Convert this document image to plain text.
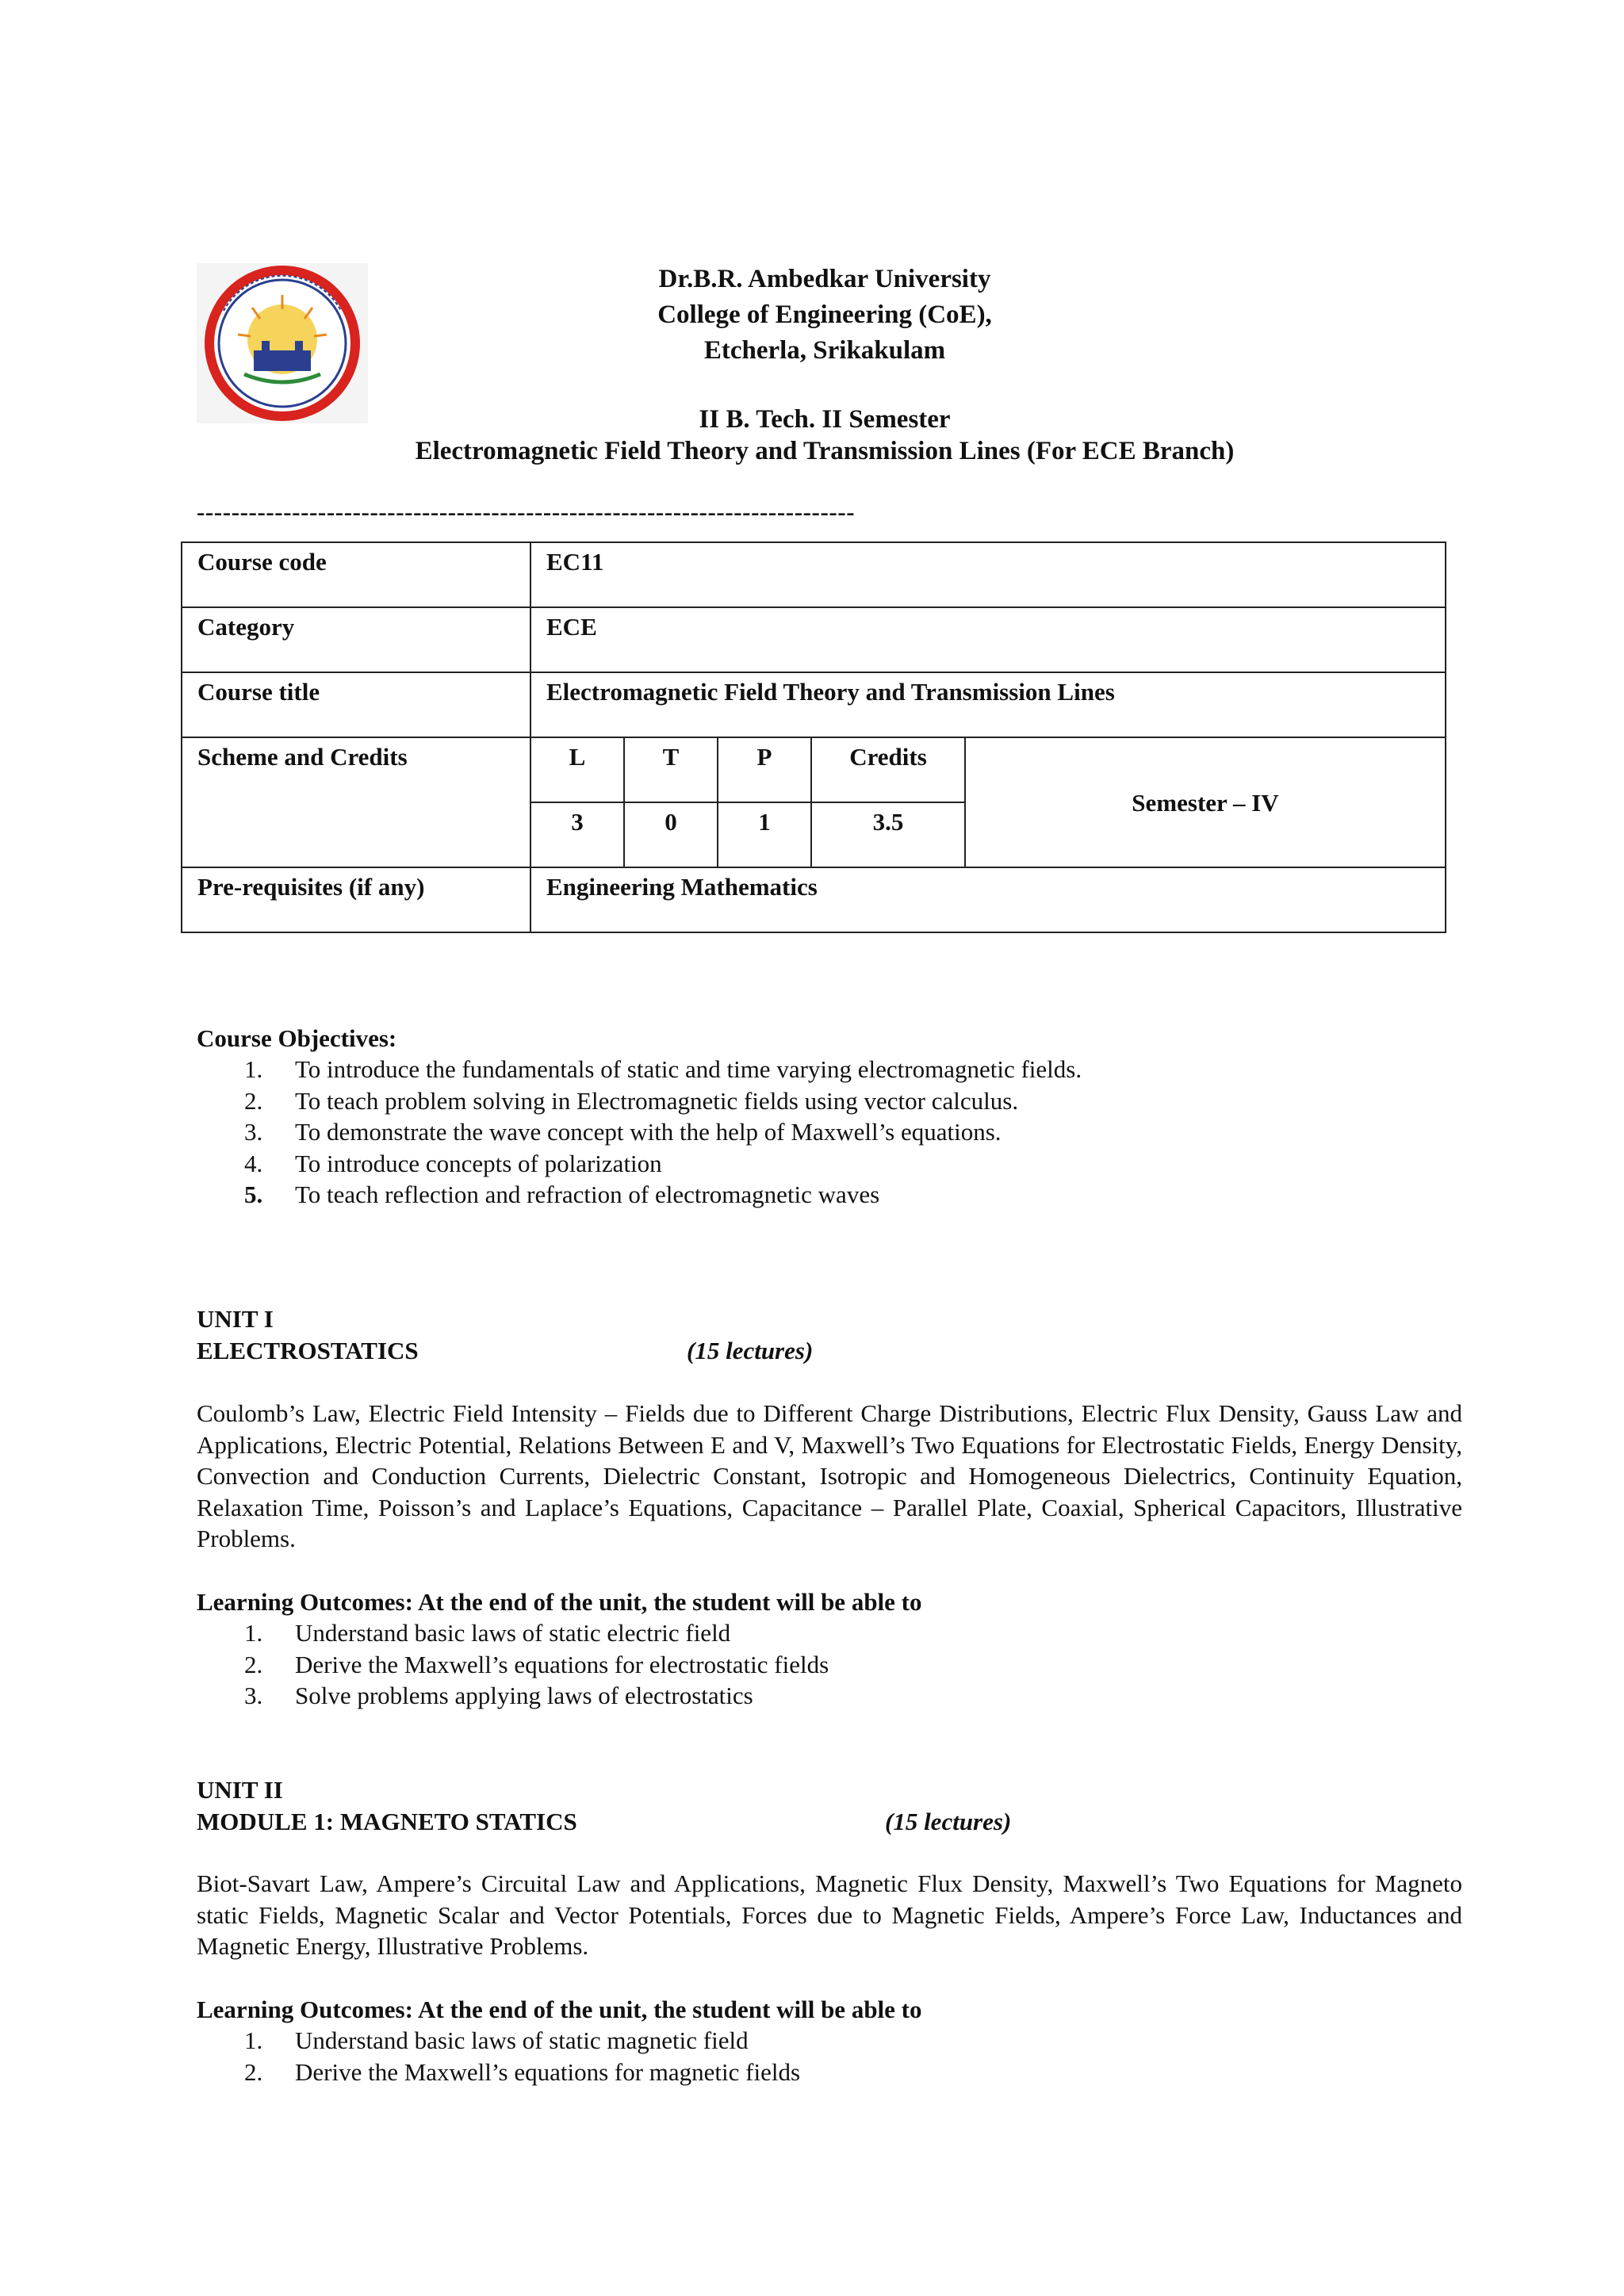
Dr.B.R. Ambedkar University
College of Engineering (CoE),
Etcherla, Srikakulam
II B. Tech. II Semester
Electromagnetic Field Theory and Transmission Lines (For ECE Branch)
----------------------------------------------------------------------------
Course code	EC11
Category	ECE
Course title	Electromagnetic Field Theory and Transmission Lines
Scheme and Credits	L	T	P	Credits
3	0	1	3.5
Semester – IV
Pre-requisites (if any)	Engineering Mathematics
Course Objectives:
1.	To introduce the fundamentals of static and time varying electromagnetic fields.
2.	To teach problem solving in Electromagnetic fields using vector calculus.
3.	To demonstrate the wave concept with the help of Maxwell’s equations.
4.	To introduce concepts of polarization
5.	To teach reflection and refraction of electromagnetic waves
UNIT I
ELECTROSTATICS	(15 lectures)
Coulomb’s Law, Electric Field Intensity – Fields due to Different Charge Distributions, Electric Flux Density, Gauss Law and Applications, Electric Potential, Relations Between E and V, Maxwell’s Two Equations for Electrostatic Fields, Energy Density, Convection and Conduction Currents, Dielectric Constant, Isotropic and Homogeneous Dielectrics, Continuity Equation, Relaxation Time, Poisson’s and Laplace’s Equations, Capacitance – Parallel Plate, Coaxial, Spherical Capacitors, Illustrative Problems.
Learning Outcomes: At the end of the unit, the student will be able to
1.	Understand basic laws of static electric field
2.	Derive the Maxwell’s equations for electrostatic fields
3.	Solve problems applying laws of electrostatics
UNIT II
MODULE 1: MAGNETO STATICS	(15 lectures)
Biot-Savart Law, Ampere’s Circuital Law and Applications, Magnetic Flux Density, Maxwell’s Two Equations for Magneto static Fields, Magnetic Scalar and Vector Potentials, Forces due to Magnetic Fields, Ampere’s Force Law, Inductances and Magnetic Energy, Illustrative Problems.
Learning Outcomes: At the end of the unit, the student will be able to
1.	Understand basic laws of static magnetic field
2.	Derive the Maxwell’s equations for magnetic fields
